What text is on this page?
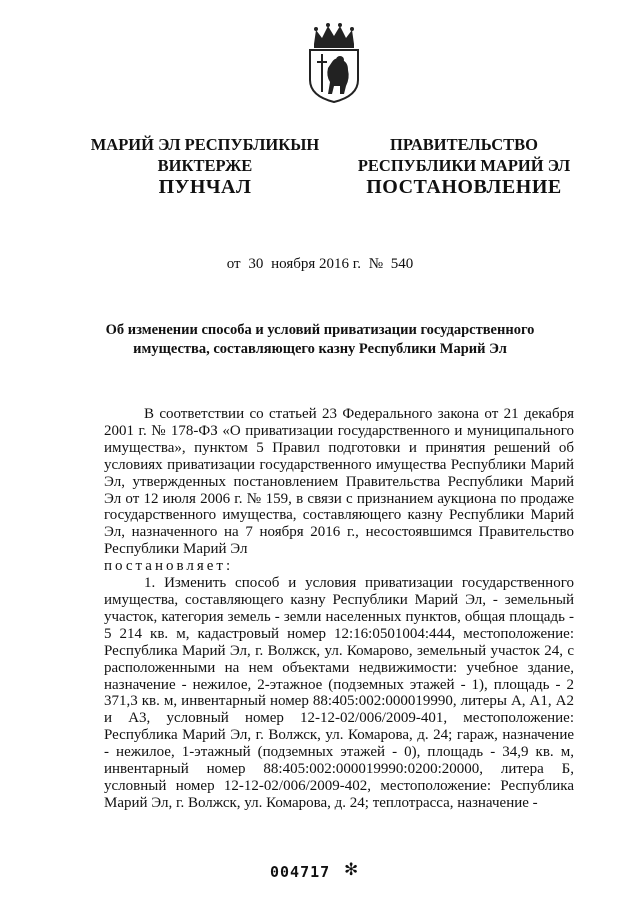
МАРИЙ ЭЛ РЕСПУБЛИКЫН
ВИКТЕРЖЕ
ПРАВИТЕЛЬСТВО
РЕСПУБЛИКИ МАРИЙ ЭЛ
ПУНЧАЛ	ПОСТАНОВЛЕНИЕ
от 30 ноября 2016 г. № 540
Об изменении способа и условий приватизации государственного имущества, составляющего казну Республики Марий Эл

В соответствии со статьей 23 Федерального закона от 21 декабря 2001 г. № 178-ФЗ «О приватизации государственного и муниципального имущества», пунктом 5 Правил подготовки и принятия решений об условиях приватизации государственного имущества Республики Марий Эл, утвержденных постановлением Правительства Республики Марий Эл от 12 июля 2006 г. № 159, в связи с признанием аукциона по продаже государственного имущества, составляющего казну Республики Марий Эл, назначенного на 7 ноября 2016 г., несостоявшимся Правительство Республики Марий Эл

постановляет:

1. Изменить способ и условия приватизации государственного имущества, составляющего казну Республики Марий Эл, - земельный участок, категория земель - земли населенных пунктов, общая площадь - 5 214 кв. м, кадастровый номер 12:16:0501004:444, местоположение: Республика Марий Эл, г. Волжск, ул. Комарово, земельный участок 24, с расположенными на нем объектами недвижимости: учебное здание, назначение - нежилое, 2-этажное (подземных этажей - 1), площадь - 2 371,3 кв. м, инвентарный номер 88:405:002:000019990, литеры А, А1, А2 и А3, условный номер 12-12-02/006/2009-401, местоположение: Республика Марий Эл, г. Волжск, ул. Комарова, д. 24; гараж, назначение - нежилое, 1-этажный (подземных этажей - 0), площадь - 34,9 кв. м, инвентарный номер 88:405:002:000019990:0200:20000, литера Б, условный номер 12-12-02/006/2009-402, местоположение: Республика Марий Эл, г. Волжск, ул. Комарова, д. 24; теплотрасса, назначение -

004717 ✻
